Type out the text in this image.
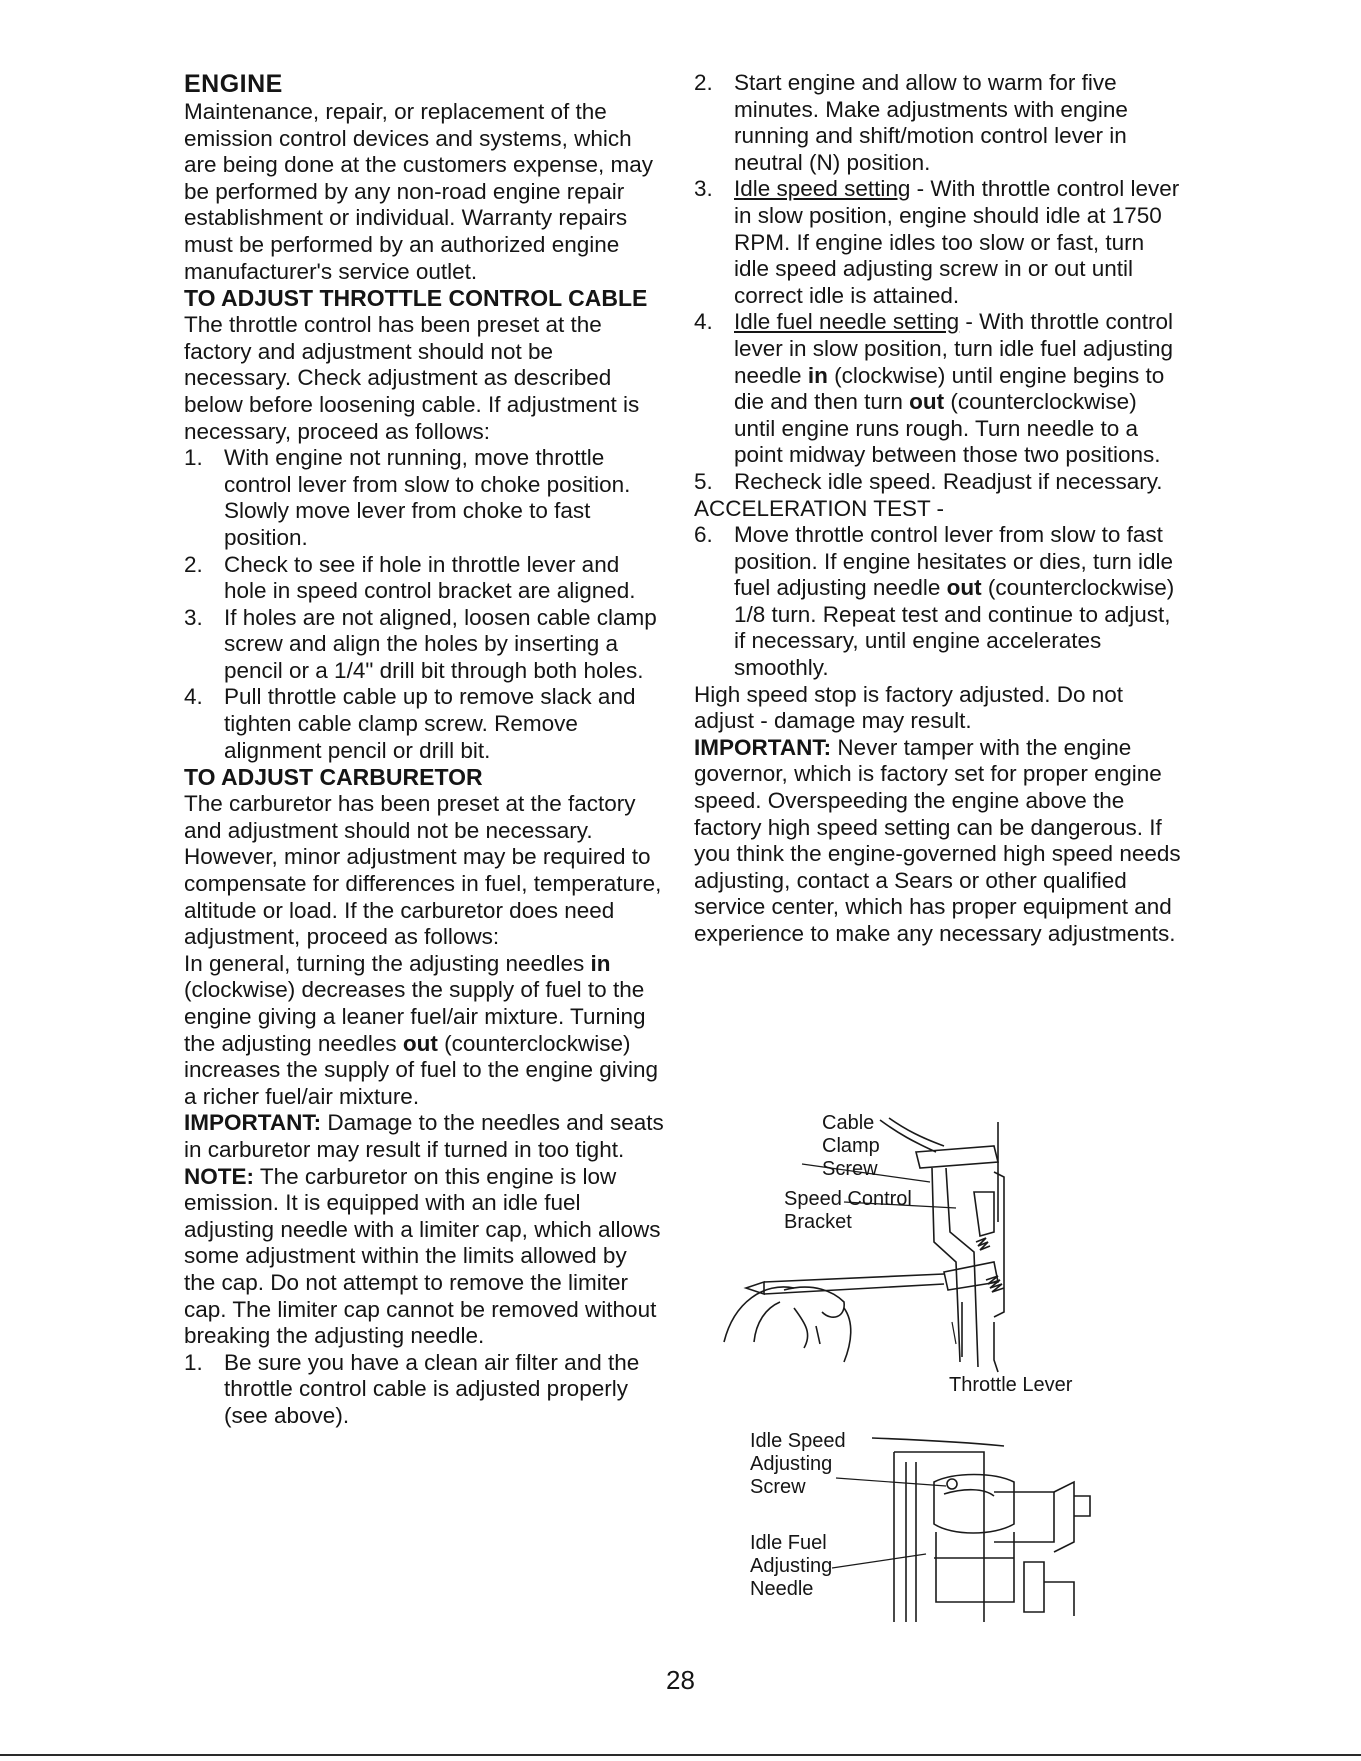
ENGINE

Maintenance, repair, or replacement of the emission control devices and systems, which are being done at the customers expense, may be performed by any non-road engine repair establishment or individual. Warranty repairs must be performed by an authorized engine manufacturer's service outlet.

TO ADJUST THROTTLE CONTROL CABLE

The throttle control has been preset at the factory and adjustment should not be necessary. Check adjustment as described below before loosening cable. If adjustment is necessary, proceed as follows:

1. With engine not running, move throttle control lever from slow to choke position. Slowly move lever from choke to fast position.
2. Check to see if hole in throttle lever and hole in speed control bracket are aligned.
3. If holes are not aligned, loosen cable clamp screw and align the holes by inserting a pencil or a 1/4" drill bit through both holes.
4. Pull throttle cable up to remove slack and tighten cable clamp screw. Remove alignment pencil or drill bit.
TO ADJUST CARBURETOR

The carburetor has been preset at the factory and adjustment should not be necessary. However, minor adjustment may be required to compensate for differences in fuel, temperature, altitude or load. If the carburetor does need adjustment, proceed as follows:

In general, turning the adjusting needles in (clockwise) decreases the supply of fuel to the engine giving a leaner fuel/air mixture. Turning the adjusting needles out (counterclockwise) increases the supply of fuel to the engine giving a richer fuel/air mixture.

IMPORTANT: Damage to the needles and seats in carburetor may result if turned in too tight.

NOTE: The carburetor on this engine is low emission. It is equipped with an idle fuel adjusting needle with a limiter cap, which allows some adjustment within the limits allowed by the cap. Do not attempt to remove the limiter cap. The limiter cap cannot be removed without breaking the adjusting needle.

1. Be sure you have a clean air filter and the throttle control cable is adjusted properly (see above).
2. Start engine and allow to warm for five minutes. Make adjustments with engine running and shift/motion control lever in neutral (N) position.
3. Idle speed setting - With throttle control lever in slow position, engine should idle at 1750 RPM. If engine idles too slow or fast, turn idle speed adjusting screw in or out until correct idle is attained.
4. Idle fuel needle setting - With throttle control lever in slow position, turn idle fuel adjusting needle in (clockwise) until engine begins to die and then turn out (counterclockwise) until engine runs rough. Turn needle to a point midway between those two positions.
5. Recheck idle speed. Readjust if necessary.

ACCELERATION TEST -

6. Move throttle control lever from slow to fast position. If engine hesitates or dies, turn idle fuel adjusting needle out (counterclockwise) 1/8 turn. Repeat test and continue to adjust, if necessary, until engine accelerates smoothly.

High speed stop is factory adjusted. Do not adjust - damage may result.

IMPORTANT: Never tamper with the engine governor, which is factory set for proper engine speed. Overspeeding the engine above the factory high speed setting can be dangerous. If you think the engine-governed high speed needs adjusting, contact a Sears or other qualified service center, which has proper equipment and experience to make any necessary adjustments.

Cable
Clamp
Screw
Speed Control
Bracket
Throttle Lever
Idle Speed
Adjusting
Screw
Idle Fuel
Adjusting
Needle
28
